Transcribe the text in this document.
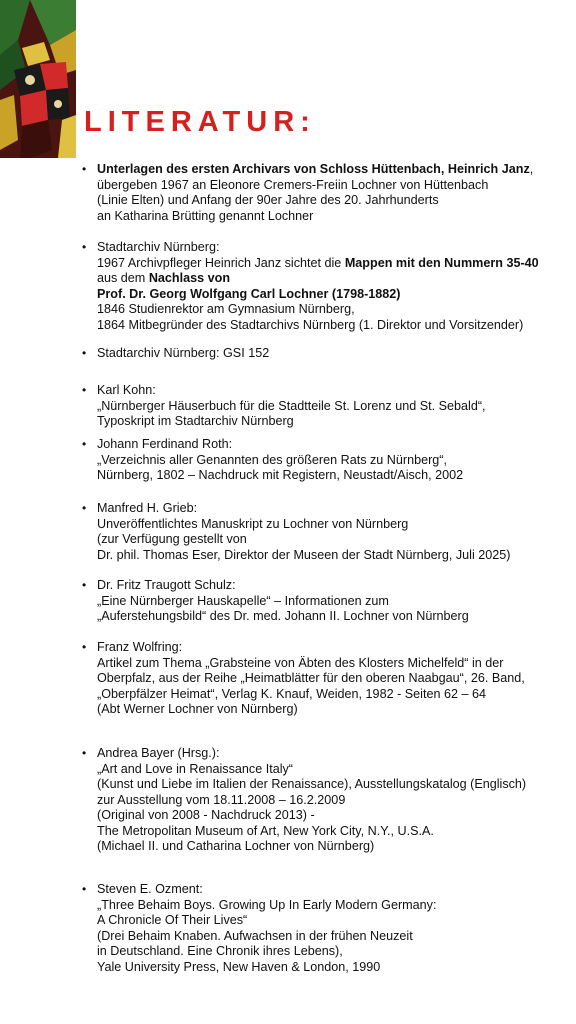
LITERATUR:
• Unterlagen des ersten Archivars von Schloss Hüttenbach, Heinrich Janz,
übergeben 1967 an Eleonore Cremers-Freiin Lochner von Hüttenbach
(Linie Elten) und Anfang der 90er Jahre des 20. Jahrhunderts
an Katharina Brütting genannt Lochner
• Stadtarchiv Nürnberg:
1967 Archivpfleger Heinrich Janz sichtet die Mappen mit den Nummern 35-40
aus dem Nachlass von
Prof. Dr. Georg Wolfgang Carl Lochner (1798-1882)
1846 Studienrektor am Gymnasium Nürnberg,
1864 Mitbegründer des Stadtarchivs Nürnberg (1. Direktor und Vorsitzender)
• Stadtarchiv Nürnberg: GSI 152
• Karl Kohn:
„Nürnberger Häuserbuch für die Stadtteile St. Lorenz und St. Sebald“,
Typoskript im Stadtarchiv Nürnberg
• Johann Ferdinand Roth:
„Verzeichnis aller Genannten des größeren Rats zu Nürnberg“,
Nürnberg, 1802 – Nachdruck mit Registern, Neustadt/Aisch, 2002
• Manfred H. Grieb:
Unveröffentlichtes Manuskript zu Lochner von Nürnberg
(zur Verfügung gestellt von
Dr. phil. Thomas Eser, Direktor der Museen der Stadt Nürnberg, Juli 2025)
• Dr. Fritz Traugott Schulz:
„Eine Nürnberger Hauskapelle“ – Informationen zum
„Auferstehungsbild“ des Dr. med. Johann II. Lochner von Nürnberg
• Franz Wolfring:
Artikel zum Thema „Grabsteine von Äbten des Klosters Michelfeld“ in der
Oberpfalz, aus der Reihe „Heimatblätter für den oberen Naabgau“, 26. Band,
„Oberpfälzer Heimat“, Verlag K. Knauf, Weiden, 1982 - Seiten 62 – 64
(Abt Werner Lochner von Nürnberg)
• Andrea Bayer (Hrsg.):
„Art and Love in Renaissance Italy“
(Kunst und Liebe im Italien der Renaissance), Ausstellungskatalog (Englisch)
zur Ausstellung vom 18.11.2008 – 16.2.2009
(Original von 2008 - Nachdruck 2013) -
The Metropolitan Museum of Art, New York City, N.Y., U.S.A.
(Michael II. und Catharina Lochner von Nürnberg)
• Steven E. Ozment:
„Three Behaim Boys. Growing Up In Early Modern Germany:
A Chronicle Of Their Lives“
(Drei Behaim Knaben. Aufwachsen in der frühen Neuzeit
in Deutschland. Eine Chronik ihres Lebens),
Yale University Press, New Haven & London, 1990
